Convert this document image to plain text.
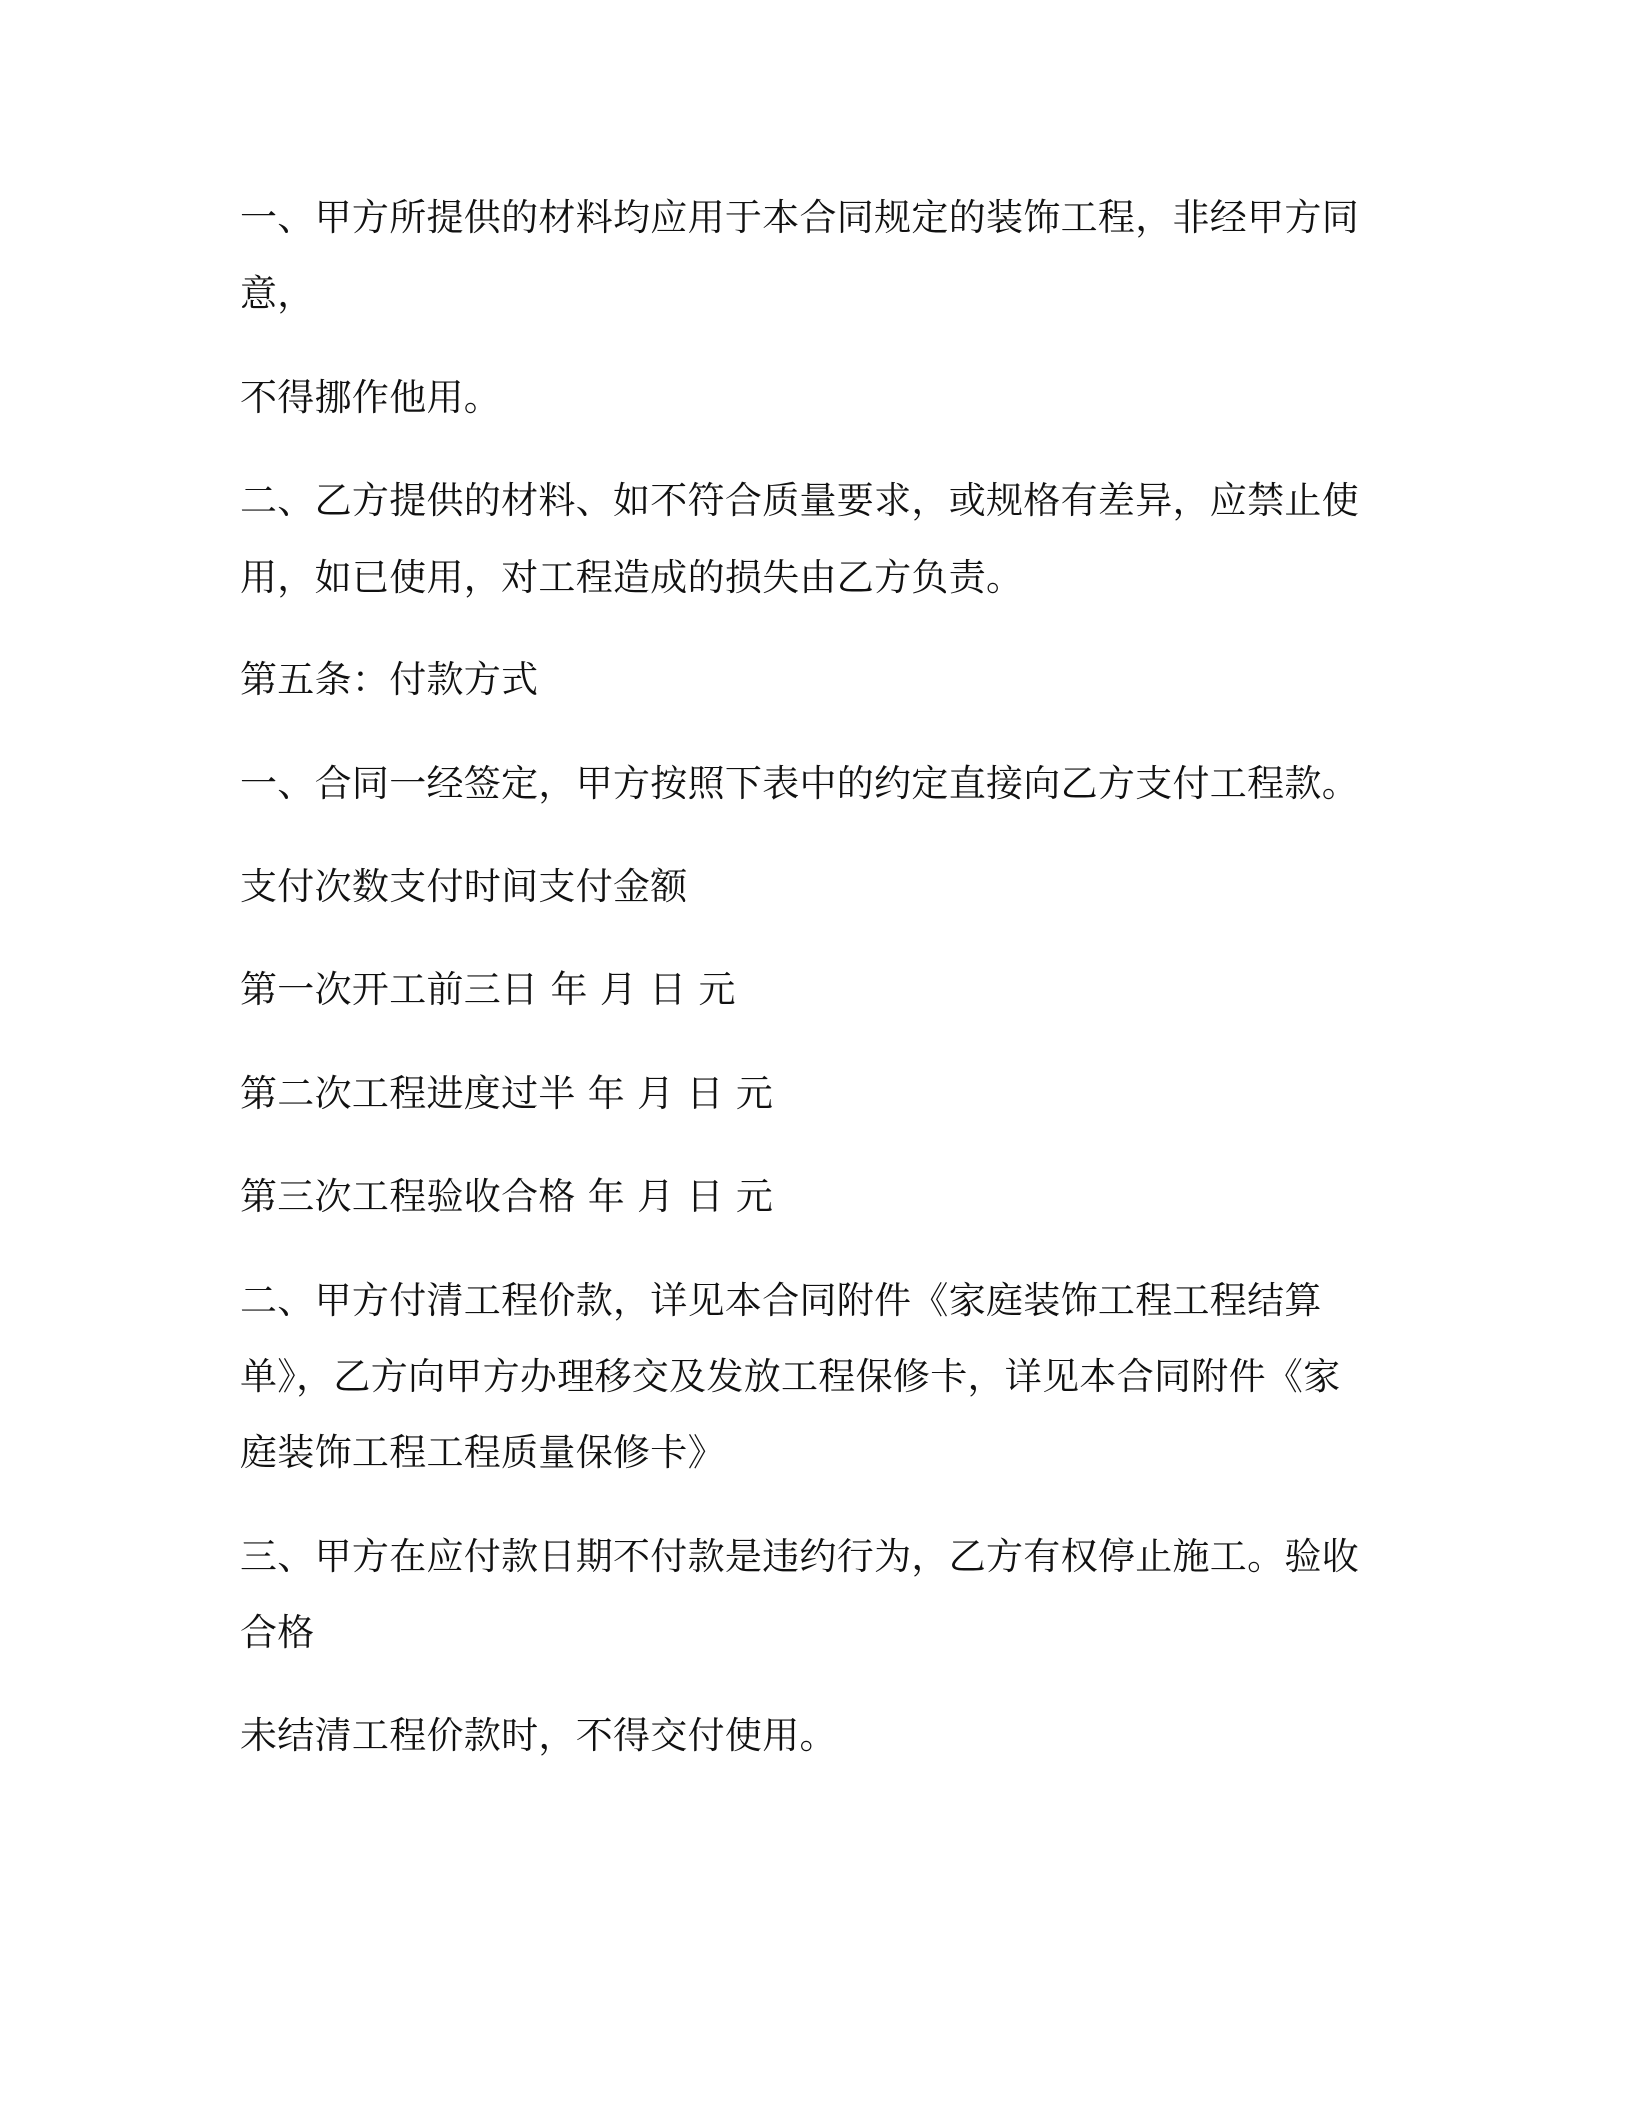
一、甲方所提供的材料均应用于本合同规定的装饰工程，非经甲方同
意，
不得挪作他用。
二、乙方提供的材料、如不符合质量要求，或规格有差异，应禁止使
用，如已使用，对工程造成的损失由乙方负责。
第五条：付款方式
一、合同一经签定，甲方按照下表中的约定直接向乙方支付工程款。
支付次数支付时间支付金额
第一次开工前三日 年 月 日 元
第二次工程进度过半 年 月 日 元
第三次工程验收合格 年 月 日 元
二、甲方付清工程价款，详见本合同附件《家庭装饰工程工程结算
单》，乙方向甲方办理移交及发放工程保修卡，详见本合同附件《家
庭装饰工程工程质量保修卡》
三、甲方在应付款日期不付款是违约行为，乙方有权停止施工。验收
合格
未结清工程价款时，不得交付使用。
